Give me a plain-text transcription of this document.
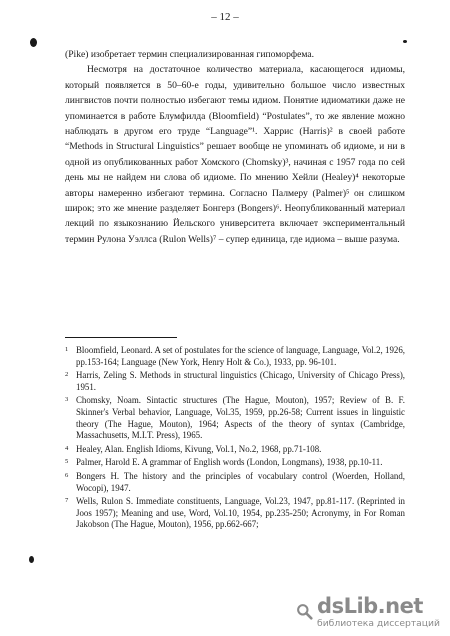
– 12 –

(Pike) изобретает термин специализированная гипоморфема.

Несмотря на достаточное количество материала, касающегося идиомы, который появляется в 50–60-е годы, удивительно большое число известных лингвистов почти полностью избегают темы идиом. Понятие идиоматики даже не упоминается в работе Блумфилда (Bloomfield) “Postulates”, то же явление можно наблюдать в другом его труде “Language”¹. Харрис (Harris)² в своей работе “Methods in Structural Linguistics” решает вообще не упоминать об идиоме, и ни в одной из опубликованных работ Хомского (Chomsky)³, начиная с 1957 года по сей день мы не найдем ни слова об идиоме. По мнению Хейли (Healey)⁴ некоторые авторы намеренно избегают термина. Согласно Палмеру (Palmer)⁵ он слишком широк; это же мнение разделяет Бонгерз (Bongers)⁶. Неопубликованный материал лекций по языкознанию Йельского университета включает экспериментальный термин Рулона Уэллса (Rulon Wells)⁷ – супер единица, где идиома – выше разума.

1 Bloomfield, Leonard. A set of postulates for the science of language, Language, Vol.2, 1926, pp.153-164; Language (New York, Henry Holt & Co.), 1933, pp. 96-101.
2 Harris, Zeling S. Methods in structural linguistics (Chicago, University of Chicago Press), 1951.
3 Chomsky, Noam. Sintactic structures (The Hague, Mouton), 1957; Review of B. F. Skinner's Verbal behavior, Language, Vol.35, 1959, pp.26-58; Current issues in linguistic theory (The Hague, Mouton), 1964; Aspects of the theory of syntax (Cambridge, Massachusetts, M.I.T. Press), 1965.
4 Healey, Alan. English Idioms, Kivung, Vol.1, No.2, 1968, pp.71-108.
5 Palmer, Harold E. A grammar of English words (London, Longmans), 1938, pp.10-11.
6 Bongers H. The history and the principles of vocabulary control (Woerden, Holland, Wocopi), 1947.
7 Wells, Rulon S. Immediate constituents, Language, Vol.23, 1947, pp.81-117. (Reprinted in Joos 1957); Meaning and use, Word, Vol.10, 1954, pp.235-250; Acronymy, in For Roman Jakobson (The Hague, Mouton), 1956, pp.662-667;
dsLib.net
библиотека диссертаций
